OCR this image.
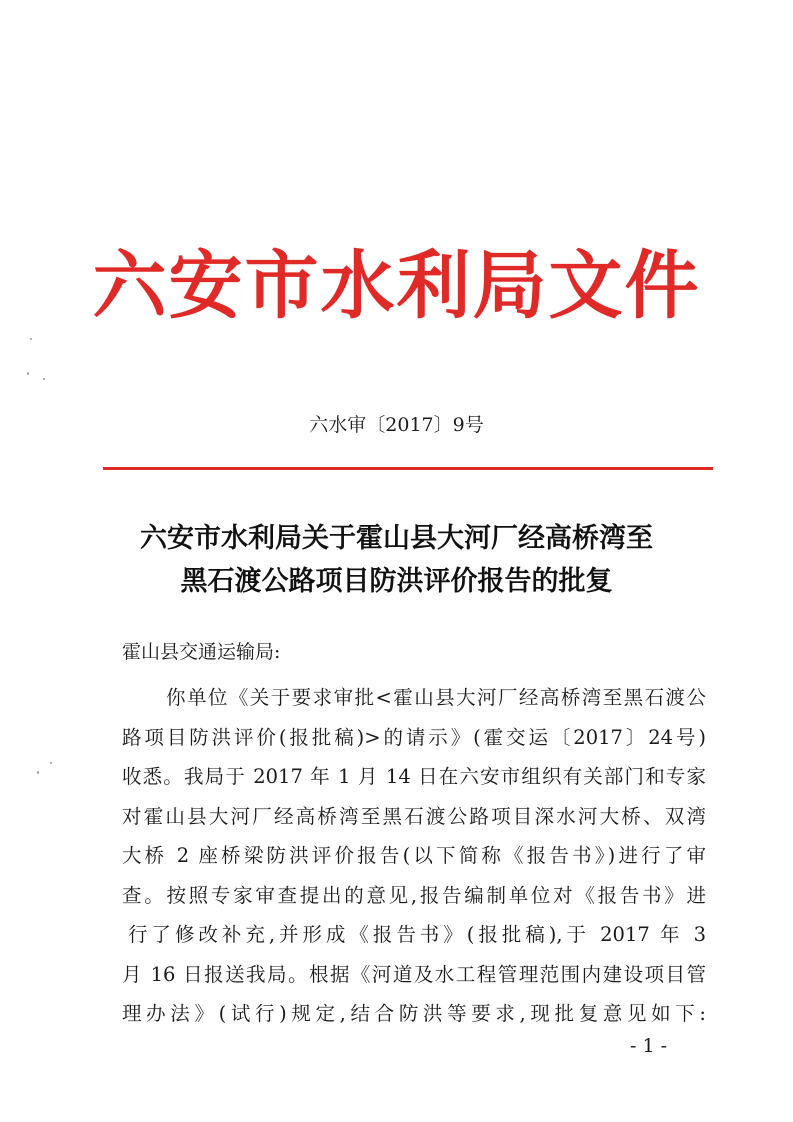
六安市水利局文件
六水审〔2017〕9号
六安市水利局关于霍山县大河厂经高桥湾至
黑石渡公路项目防洪评价报告的批复
霍山县交通运输局:
你单位《关于要求审批<霍山县大河厂经高桥湾至黑石渡公
路项目防洪评价(报批稿)>的请示》(霍交运〔2017〕24号)
收悉。我局于 2017 年 1 月 14 日在六安市组织有关部门和专家
对霍山县大河厂经高桥湾至黑石渡公路项目深水河大桥、双湾
大桥 2 座桥梁防洪评价报告(以下简称《报告书》)进行了审
查。按照专家审查提出的意见,报告编制单位对《报告书》进
行了修改补充,并形成《报告书》(报批稿),于 2017 年 3
月 16 日报送我局。根据《河道及水工程管理范围内建设项目管
理办法》(试行)规定,结合防洪等要求,现批复意见如下:
- 1 -
